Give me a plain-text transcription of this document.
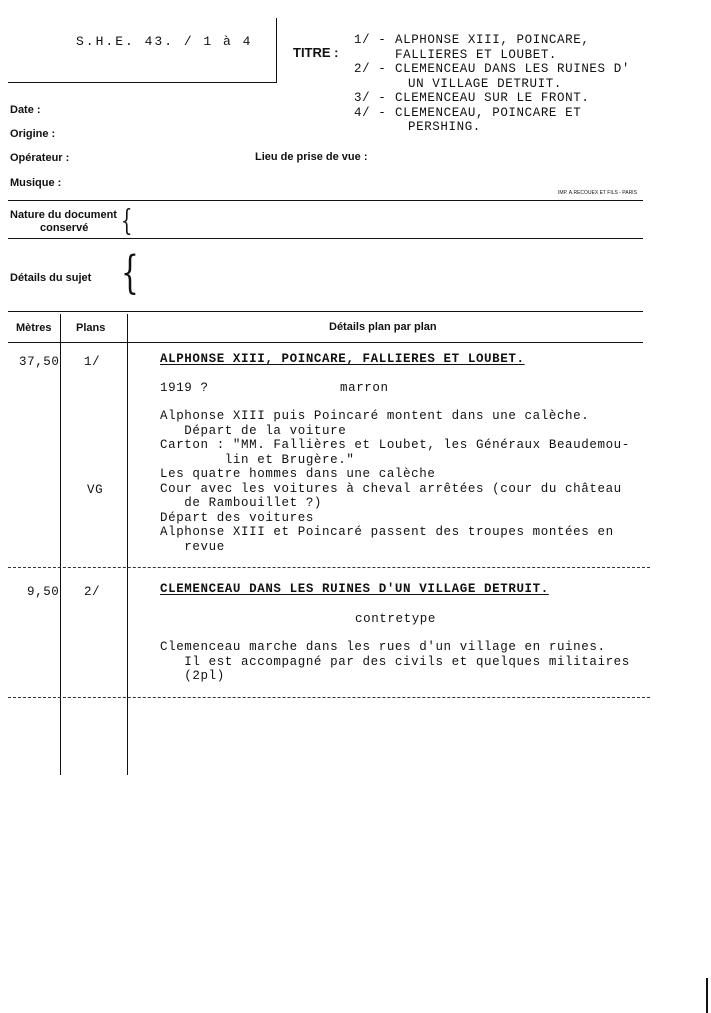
S.H.E. 43. / 1 à 4
TITRE :
1/ - ALPHONSE XIII, POINCARE,
FALLIERES ET LOUBET.
2/ - CLEMENCEAU DANS LES RUINES D'
UN VILLAGE DETRUIT.
3/ - CLEMENCEAU SUR LE FRONT.
4/ - CLEMENCEAU, POINCARE ET
PERSHING.
Date :
Origine :
Opérateur :	Lieu de prise de vue :
Musique :
IMP. A.RECOUEX ET FILS - PARIS
Nature du document
conservé {
Détails du sujet {
Mètres Plans	Détails plan par plan
37,50 1/	ALPHONSE XIII, POINCARE, FALLIERES ET LOUBET.
1919 ?	marron
VG
Alphonse XIII puis Poincaré montent dans une calèche.
Départ de la voiture
Carton : "MM. Fallières et Loubet, les Généraux Beaudemou-
lin et Brugère."
Les quatre hommes dans une calèche
Cour avec les voitures à cheval arrêtées (cour du château
de Rambouillet ?)
Départ des voitures
Alphonse XIII et Poincaré passent des troupes montées en
revue
9,50 2/	CLEMENCEAU DANS LES RUINES D'UN VILLAGE DETRUIT.
contretype
Clemenceau marche dans les rues d'un village en ruines.
Il est accompagné par des civils et quelques militaires
(2pl)
